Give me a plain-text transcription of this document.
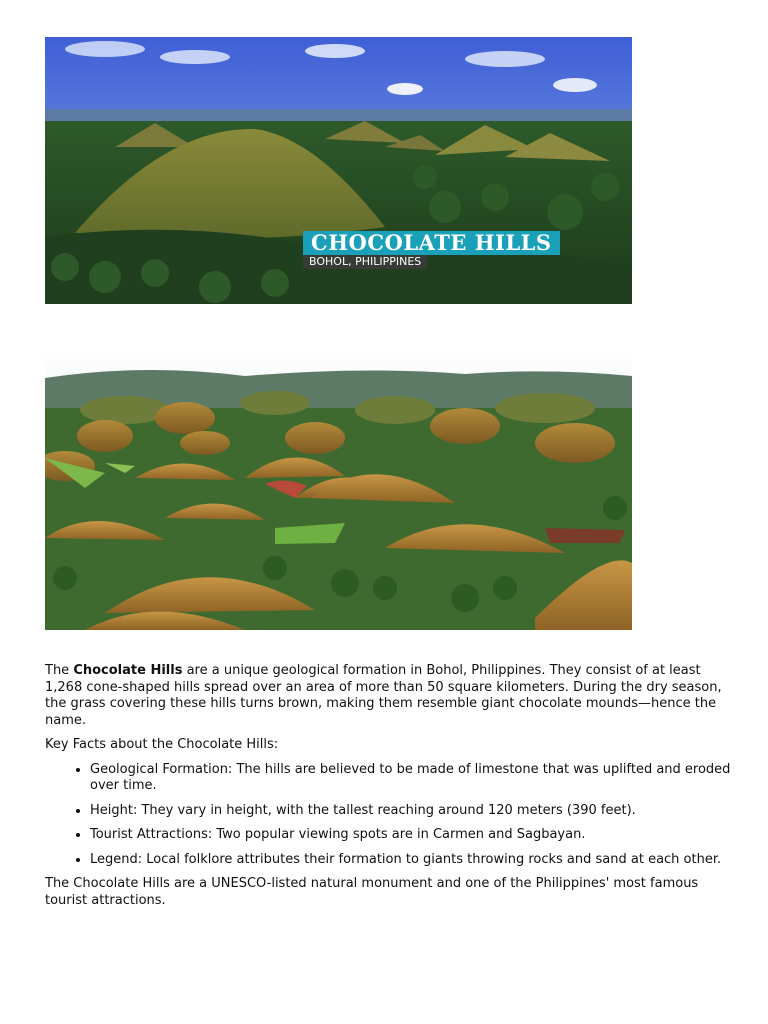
CHOCOLATE HILLS
BOHOL, PHILIPPINES

The Chocolate Hills are a unique geological formation in Bohol, Philippines. They consist of at least 1,268 cone-shaped hills spread over an area of more than 50 square kilometers. During the dry season, the grass covering these hills turns brown, making them resemble giant chocolate mounds—hence the name.

Key Facts about the Chocolate Hills:

• Geological Formation: The hills are believed to be made of limestone that was uplifted and eroded over time.
• Height: They vary in height, with the tallest reaching around 120 meters (390 feet).
• Tourist Attractions: Two popular viewing spots are in Carmen and Sagbayan.
• Legend: Local folklore attributes their formation to giants throwing rocks and sand at each other.

The Chocolate Hills are a UNESCO-listed natural monument and one of the Philippines' most famous tourist attractions.
